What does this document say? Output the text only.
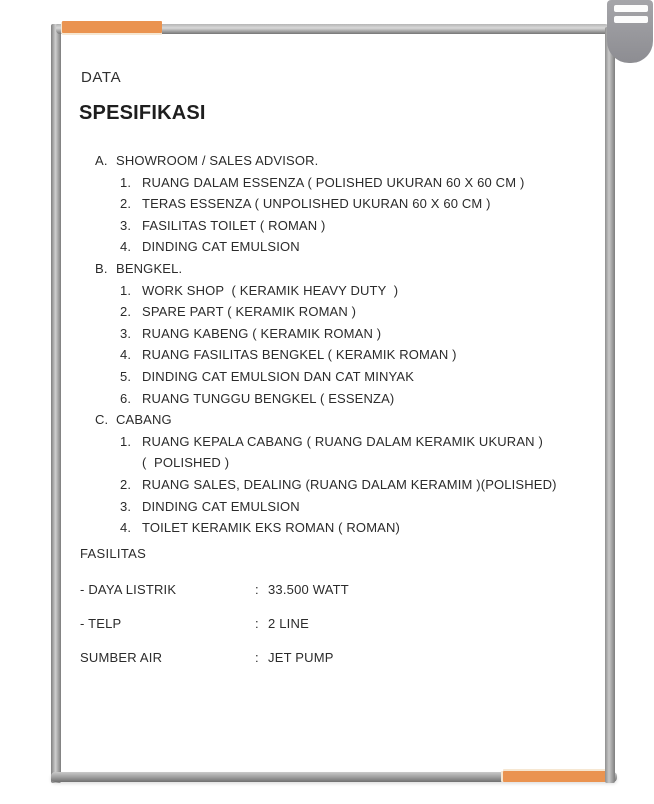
DATA
SPESIFIKASI
A. SHOWROOM / SALES ADVISOR.
1. RUANG DALAM ESSENZA ( POLISHED UKURAN 60 X 60 CM )
2. TERAS ESSENZA ( UNPOLISHED UKURAN 60 X 60 CM )
3. FASILITAS TOILET ( ROMAN )
4. DINDING CAT EMULSION
B. BENGKEL.
1. WORK SHOP  ( KERAMIK HEAVY DUTY  )
2. SPARE PART ( KERAMIK ROMAN )
3. RUANG KABENG ( KERAMIK ROMAN )
4. RUANG FASILITAS BENGKEL ( KERAMIK ROMAN )
5. DINDING CAT EMULSION DAN CAT MINYAK
6. RUANG TUNGGU BENGKEL ( ESSENZA)
C. CABANG
1. RUANG KEPALA CABANG ( RUANG DALAM KERAMIK UKURAN )
(  POLISHED )
2. RUANG SALES, DEALING (RUANG DALAM KERAMIM )(POLISHED)
3. DINDING CAT EMULSION
4. TOILET KERAMIK EKS ROMAN ( ROMAN)
FASILITAS
- DAYA LISTRIK	: 33.500 WATT
- TELP	: 2 LINE
SUMBER AIR	: JET PUMP
